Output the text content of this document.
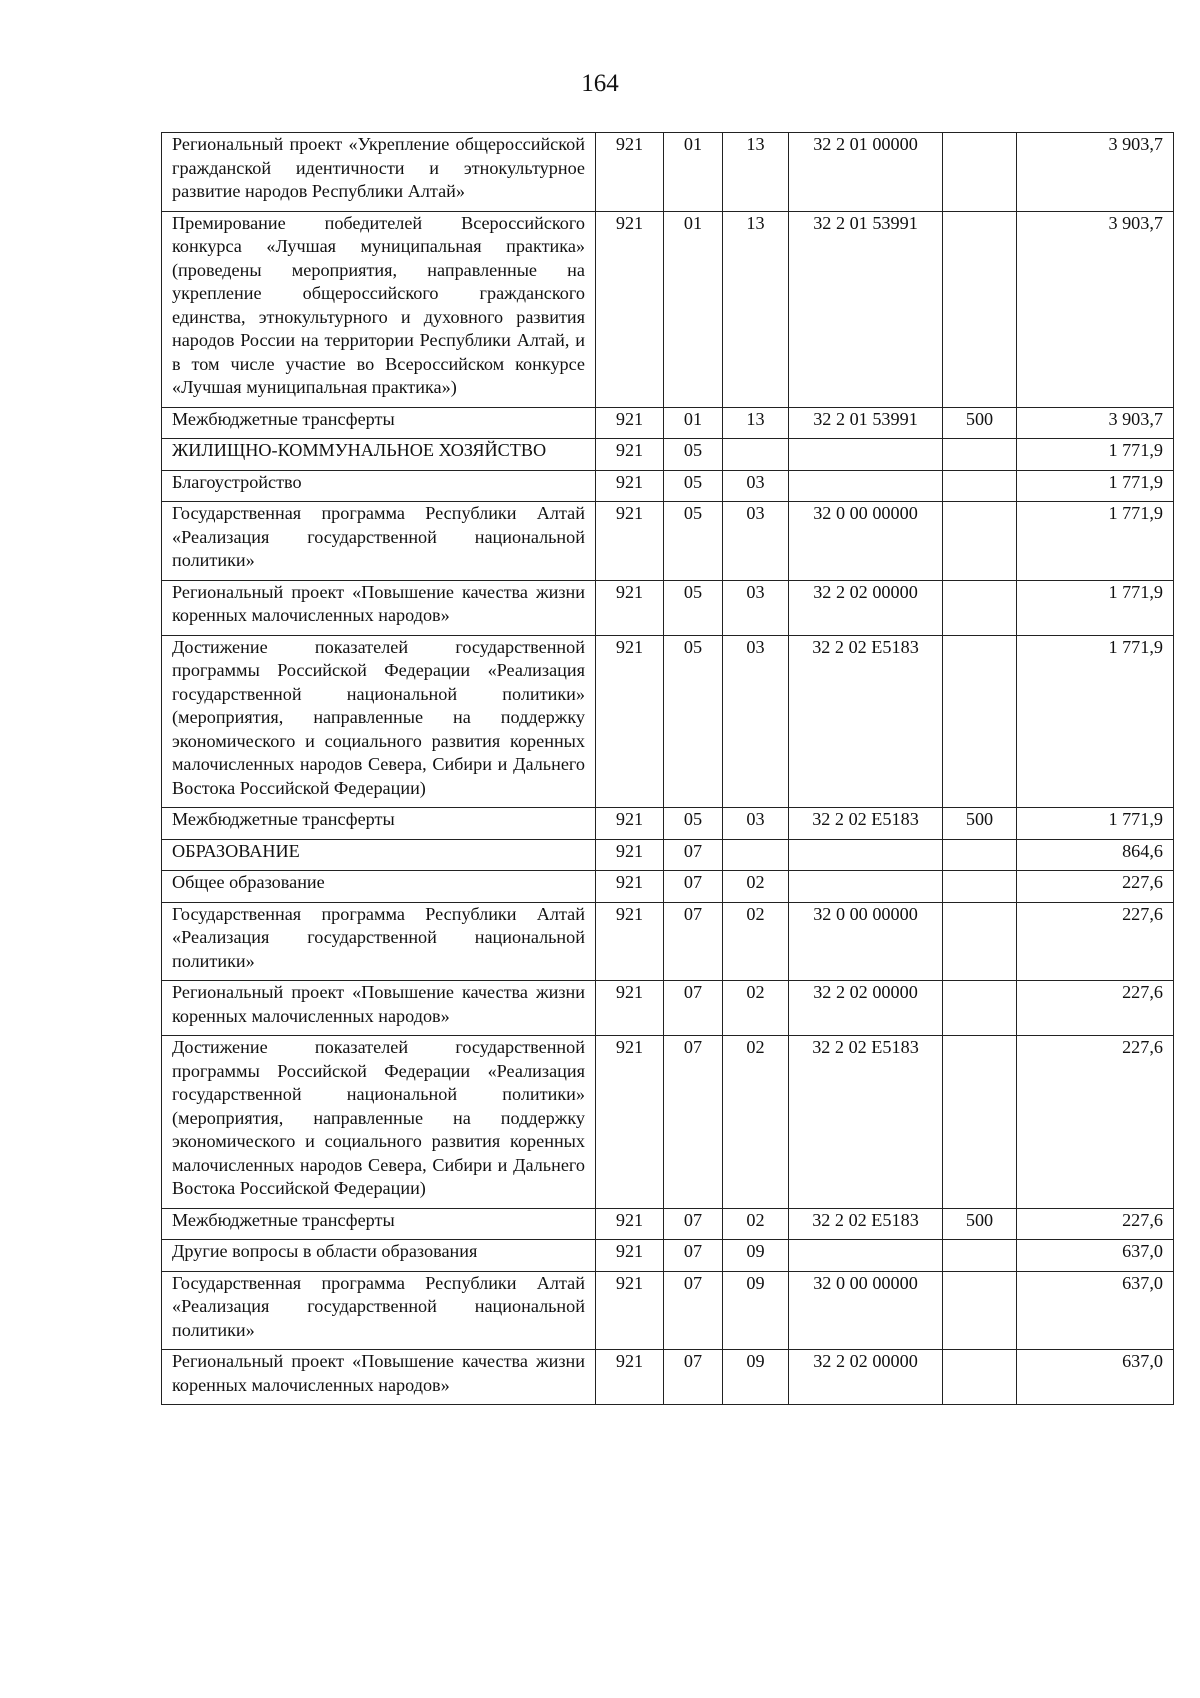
164
Региональный проект «Укрепление общероссийской гражданской идентичности и этнокультурное развитие народов Республики Алтай»	921	01	13	32 2 01 00000		3 903,7
Премирование победителей Всероссийского конкурса «Лучшая муниципальная практика» (проведены мероприятия, направленные на укрепление общероссийского гражданского единства, этнокультурного и духовного развития народов России на территории Республики Алтай, и в том числе участие во Всероссийском конкурсе «Лучшая муниципальная практика»)	921	01	13	32 2 01 53991		3 903,7
Межбюджетные трансферты	921	01	13	32 2 01 53991	500	3 903,7
ЖИЛИЩНО-КОММУНАЛЬНОЕ ХОЗЯЙСТВО	921	05				1 771,9
Благоустройство	921	05	03			1 771,9
Государственная программа Республики Алтай «Реализация государственной национальной политики»	921	05	03	32 0 00 00000		1 771,9
Региональный проект «Повышение качества жизни коренных малочисленных народов»	921	05	03	32 2 02 00000		1 771,9
Достижение показателей государственной программы Российской Федерации «Реализация государственной национальной политики» (мероприятия, направленные на поддержку экономического и социального развития коренных малочисленных народов Севера, Сибири и Дальнего Востока Российской Федерации)	921	05	03	32 2 02 Е5183		1 771,9
Межбюджетные трансферты	921	05	03	32 2 02 Е5183	500	1 771,9
ОБРАЗОВАНИЕ	921	07				864,6
Общее образование	921	07	02			227,6
Государственная программа Республики Алтай «Реализация государственной национальной политики»	921	07	02	32 0 00 00000		227,6
Региональный проект «Повышение качества жизни коренных малочисленных народов»	921	07	02	32 2 02 00000		227,6
Достижение показателей государственной программы Российской Федерации «Реализация государственной национальной политики» (мероприятия, направленные на поддержку экономического и социального развития коренных малочисленных народов Севера, Сибири и Дальнего Востока Российской Федерации)	921	07	02	32 2 02 Е5183		227,6
Межбюджетные трансферты	921	07	02	32 2 02 Е5183	500	227,6
Другие вопросы в области образования	921	07	09			637,0
Государственная программа Республики Алтай «Реализация государственной национальной политики»	921	07	09	32 0 00 00000		637,0
Региональный проект «Повышение качества жизни коренных малочисленных народов»	921	07	09	32 2 02 00000		637,0
